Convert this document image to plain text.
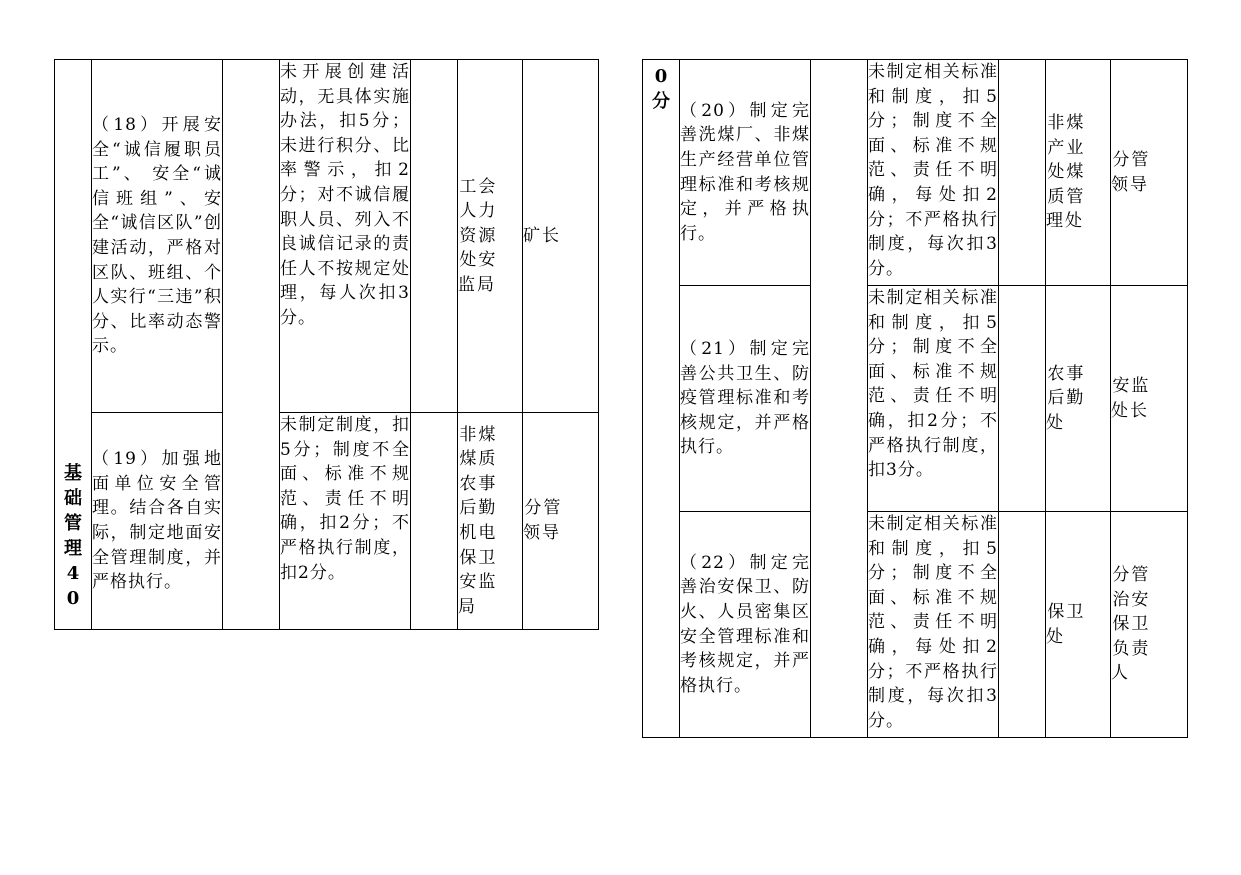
基础管理40	（18）开展安全“诚信履职员工”、 安全“诚信班组”、安全“诚信区队”创建活动，严格对区队、班组、个人实行“三违”积分、比率动态警示。		未开展创建活动，无具体实施办法，扣5分；未进行积分、比率警示，扣2分；对不诚信履职人员、列入不良诚信记录的责任人不按规定处理，每人次扣3分。		工会人力资源处安监局	矿长
	（19）加强地面单位安全管理。结合各自实际，制定地面安全管理制度，并严格执行。		未制定制度，扣5分；制度不全面、标准不规范、责任不明确，扣2分；不严格执行制度，扣2分。		非煤煤质农事后勤机电保卫安监局	分管领导
0分	（20）制定完善洗煤厂、非煤生产经营单位管理标准和考核规定，并严格执行。		未制定相关标准和制度，扣5分；制度不全面、标准不规范、责任不明确，每处扣2分；不严格执行制度，每次扣3分。		非煤产业处煤质管理处	分管领导
	（21）制定完善公共卫生、防疫管理标准和考核规定，并严格执行。		未制定相关标准和制度，扣5分；制度不全面、标准不规范、责任不明确，扣2分；不严格执行制度，扣3分。		农事后勤处	安监处长
	（22）制定完善治安保卫、防火、人员密集区安全管理标准和考核规定，并严格执行。		未制定相关标准和制度，扣5分；制度不全面、标准不规范、责任不明确，每处扣2分；不严格执行制度，每次扣3分。		保卫处	分管治安保卫负责人
